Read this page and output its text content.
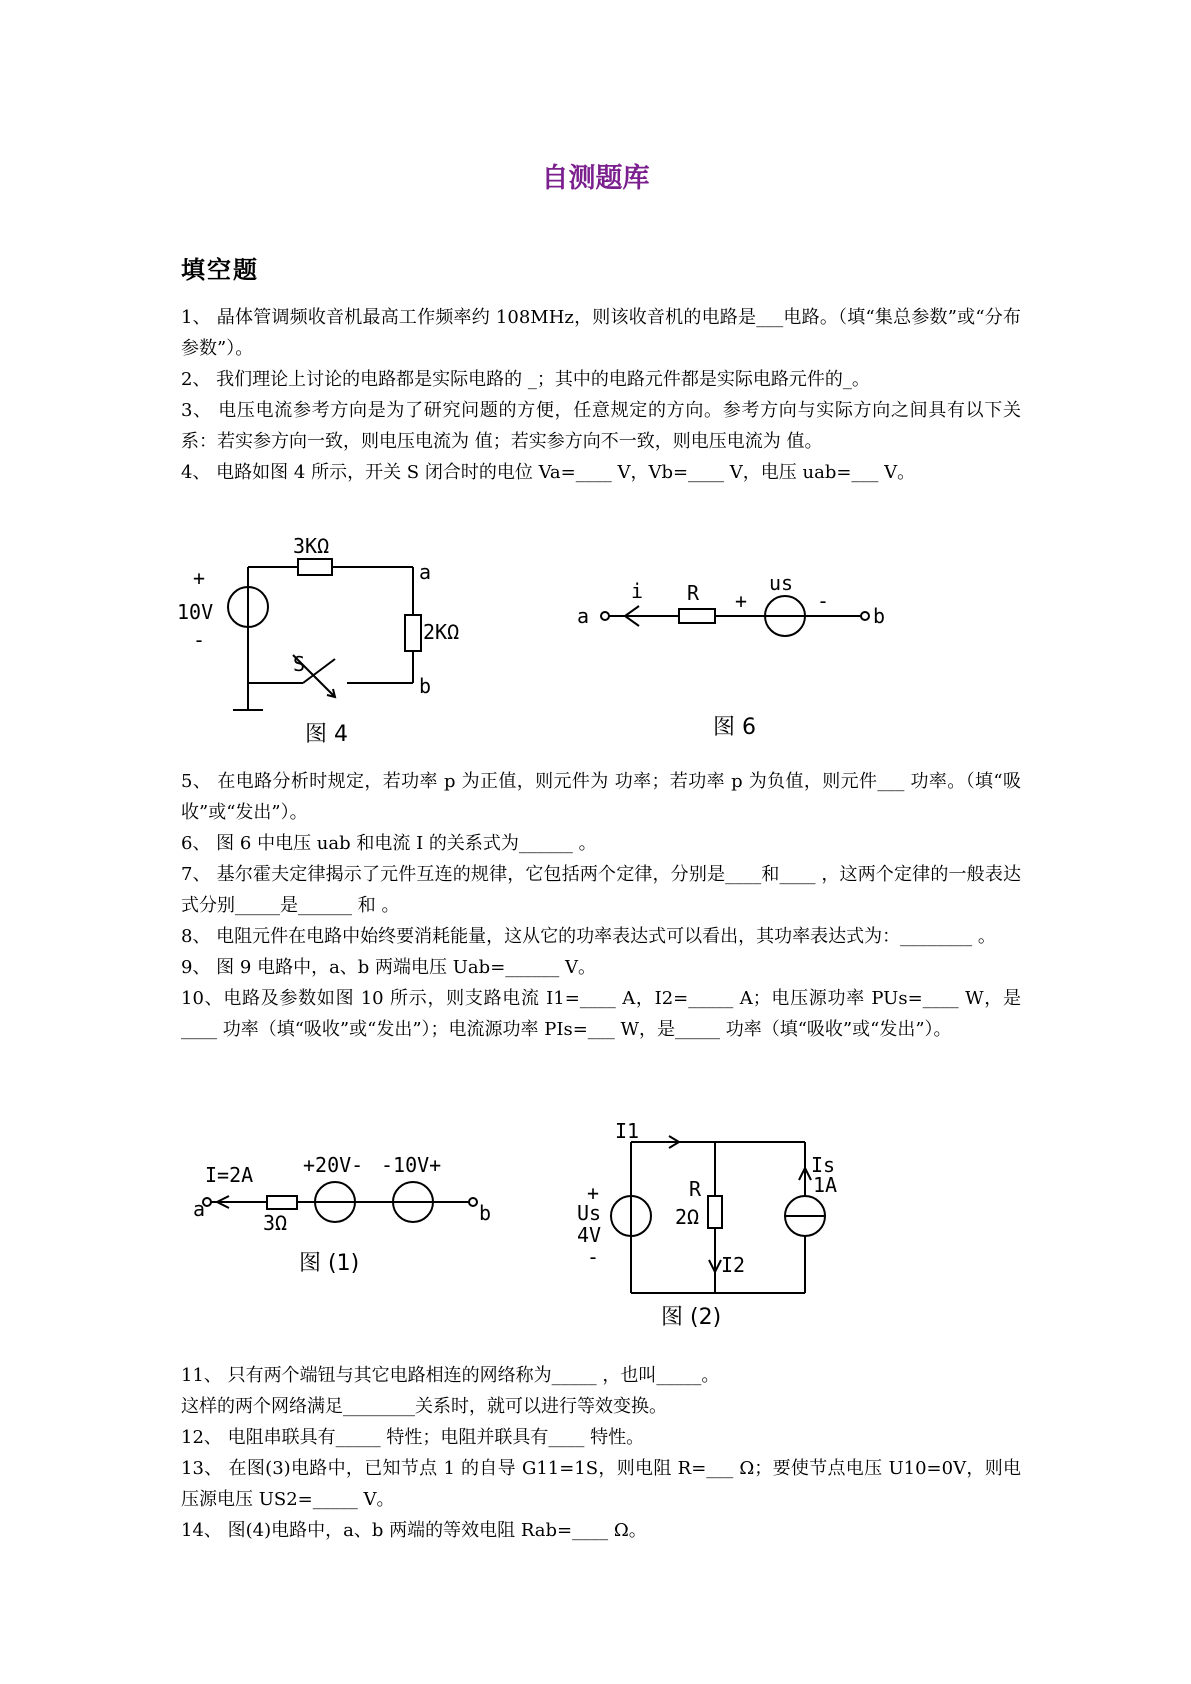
自测题库
填空题

1、 晶体管调频收音机最高工作频率约 108MHz，则该收音机的电路是___电路。（填“集总参数”或“分布参数”）。

2、 我们理论上讨论的电路都是实际电路的 _；其中的电路元件都是实际电路元件的_。

3、 电压电流参考方向是为了研究问题的方便，任意规定的方向。参考方向与实际方向之间具有以下关系：若实参方向一致，则电压电流为 值；若实参方向不一致，则电压电流为 值。

4、 电路如图 4 所示，开关 S 闭合时的电位 Va=____ V，Vb=____ V，电压 uab=___ V。

3KΩ
a
2KΩ
b
+
10V
-
S
图 4
a	b
i R +
us
-
图 6

5、 在电路分析时规定，若功率 p 为正值，则元件为 功率；若功率 p 为负值，则元件___ 功率。（填“吸收”或“发出”）。

6、 图 6 中电压 uab 和电流 I 的关系式为______ 。

7、 基尔霍夫定律揭示了元件互连的规律，它包括两个定律，分别是____和____ ，这两个定律的一般表达式分别_____是______ 和 。

8、 电阻元件在电路中始终要消耗能量，这从它的功率表达式可以看出，其功率表达式为：________ 。

9、 图 9 电路中，a、b 两端电压 Uab=______ V。

10、电路及参数如图 10 所示，则支路电流 I1=____ A，I2=_____ A；电压源功率 PUs=____ W，是____ 功率（填“吸收”或“发出”）；电流源功率 PIs=___ W，是_____ 功率（填“吸收”或“发出”）。

I=2A
a	b
3Ω
+20V- -10V+
图 (1)
I1
Is
1A
R
2Ω
I2
+
Us
4V
-
图 (2)

11、 只有两个端钮与其它电路相连的网络称为_____ ，也叫_____。

这样的两个网络满足________关系时，就可以进行等效变换。

12、 电阻串联具有_____ 特性；电阻并联具有____ 特性。

13、 在图(3)电路中，已知节点 1 的自导 G11=1S，则电阻 R=___ Ω；要使节点电压 U10=0V，则电压源电压 US2=_____ V。

14、 图(4)电路中，a、b 两端的等效电阻 Rab=____ Ω。
